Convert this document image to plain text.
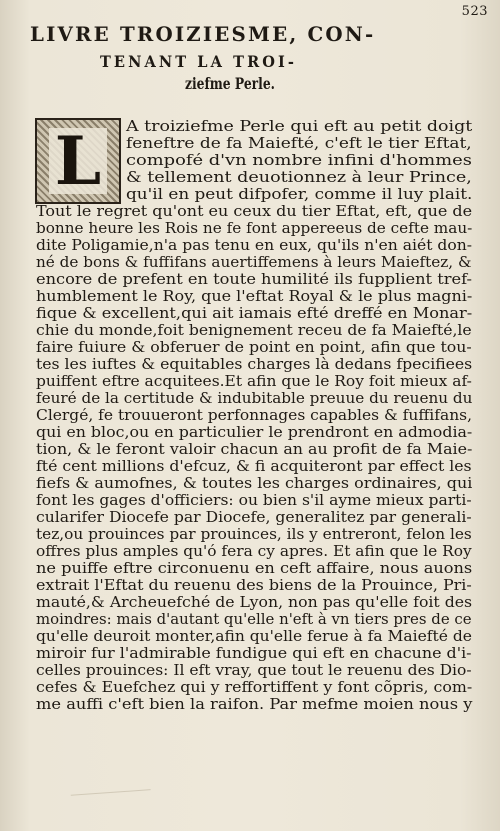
523
LIVRE TROIZIESME, CON-
TENANT LA TROI-
ziefme Perle.
L	A troiziefme Perle qui eft au petit doigt
feneftre de fa Maiefté, c'eft le tier Eftat,
compofé d'vn nombre infini d'hommes
& tellement deuotionnez à leur Prince,
qu'il en peut difpofer, comme il luy plait.
Tout le regret qu'ont eu ceux du tier Eftat, eft, que de
bonne heure les Rois ne fe font appereeus de cefte mau-
dite Poligamie,n'a pas tenu en eux, qu'ils n'en aiét don-
né de bons & fuffifans auertiffemens à leurs Maieftez, &
encore de prefent en toute humilité ils fupplient tref-
humblement le Roy, que l'eftat Royal & le plus magni-
fique & excellent,qui ait iamais efté dreffé en Monar-
chie du monde,foit benignement receu de fa Maiefté,le
faire fuiure & obferuer de point en point, afin que tou-
tes les iuftes & equitables charges là dedans fpecifiees
puiffent eftre acquitees.Et afin que le Roy foit mieux af-
feuré de la certitude & indubitable preuue du reuenu du
Clergé, fe trouueront perfonnages capables & fuffifans,
qui en bloc,ou en particulier le prendront en admodia-
tion, & le feront valoir chacun an au profit de fa Maie-
fté cent millions d'efcuz, & fi acquiteront par effect les
fiefs & aumofnes, & toutes les charges ordinaires, qui
font les gages d'officiers: ou bien s'il ayme mieux parti-
cularifer Diocefe par Diocefe, generalitez par generali-
tez,ou prouinces par prouinces, ils y entreront, felon les
offres plus amples qu'ó fera cy apres. Et afin que le Roy
ne puiffe eftre circonuenu en ceft affaire, nous auons
extrait l'Eftat du reuenu des biens de la Prouince, Pri-
mauté,& Archeuefché de Lyon, non pas qu'elle foit des
moindres: mais d'autant qu'elle n'eft à vn tiers pres de ce
qu'elle deuroit monter,afin qu'elle ferue à fa Maiefté de
miroir fur l'admirable fundigue qui eft en chacune d'i-
celles prouinces: Il eft vray, que tout le reuenu des Dio-
cefes & Euefchez qui y reffortiffent y font cõpris, com-
me auffi c'eft bien la raifon. Par mefme moien nous y
